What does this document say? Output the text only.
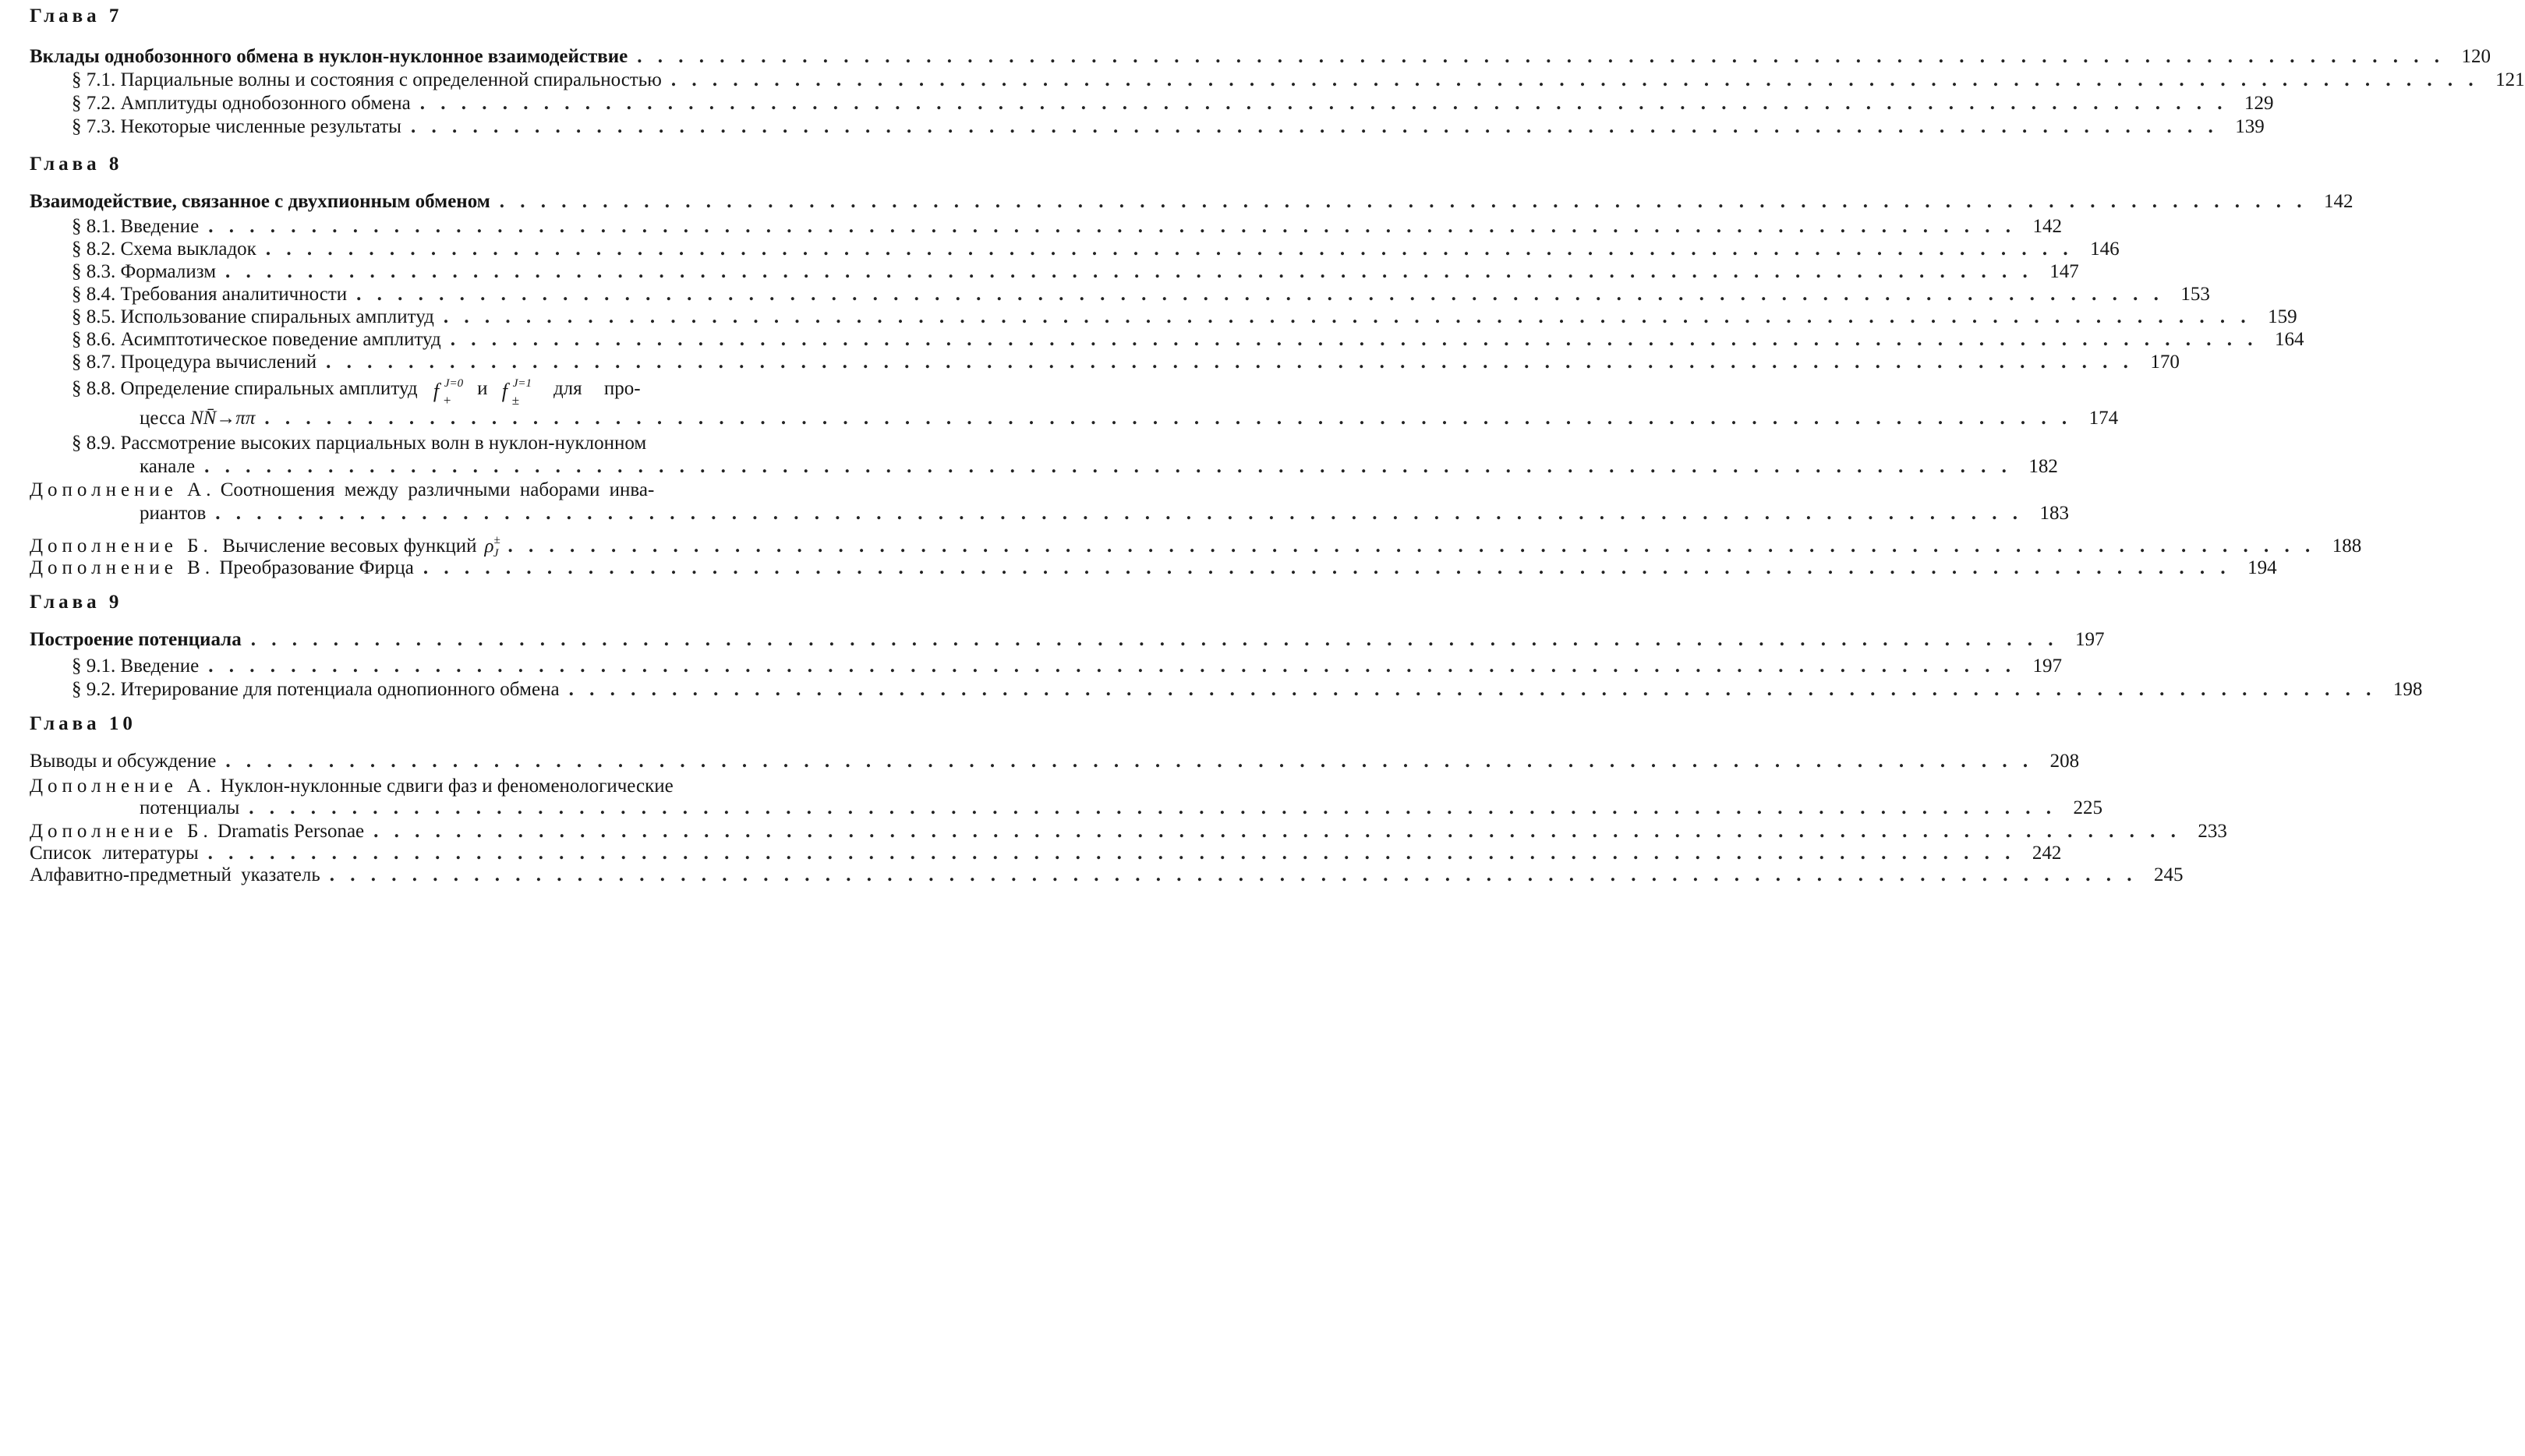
Глава 7
Вклады однобозонного обмена в нуклон-нуклонное взаимодействие . . .	120
§ 7.1.
Парциальные волны и состояния с определенной спиральностью . . .	121
§ 7.2.
Амплитуды однобозонного обмена . . .	129
§ 7.3.
Некоторые численные результаты . . .	139
Глава 8
Взаимодействие, связанное с двухпионным обменом . . .	142
§ 8.1.
Введение . . .	142
§ 8.2.
Схема выкладок . . .	146
§ 8.3.
Формализм . . .	147
§ 8.4.
Требования аналитичности . . .	153
§ 8.5.
Использование спиральных амплитуд . . .	159
§ 8.6.
Асимптотическое поведение амплитуд . . .	164
§ 8.7.
Процедура вычислений . . .	170
§ 8.8. Определение спиральных амплитуд f J=0
+
и f J=1
±
для про-
цесса
NN̄→ππ . . .	174
§ 8.9. Рассмотрение высоких парциальных волн в нуклон-нуклонном
канале . . .	182
Дополнение А. Соотношения между различными наборами инва-
риантов . . .	183
Дополнение Б.
Вычисление весовых функций $\rho^\pm_J$ . . .	188
Дополнение В.
Преобразование Фирца . . .	194
Глава 9
Построение потенциала . . .	197
§ 9.1.
Введение . . .	197
§ 9.2.
Итерирование для потенциала однопионного обмена . . .	198
Глава 10
Выводы и обсуждение . . .	208
Дополнение А. Нуклон-нуклонные сдвиги фаз и феноменологические
потенциалы . . .	225
Дополнение Б.
Dramatis Personae . . .	233
Список литературы . . .	242
Алфавитно-предметный указатель . . .	245
